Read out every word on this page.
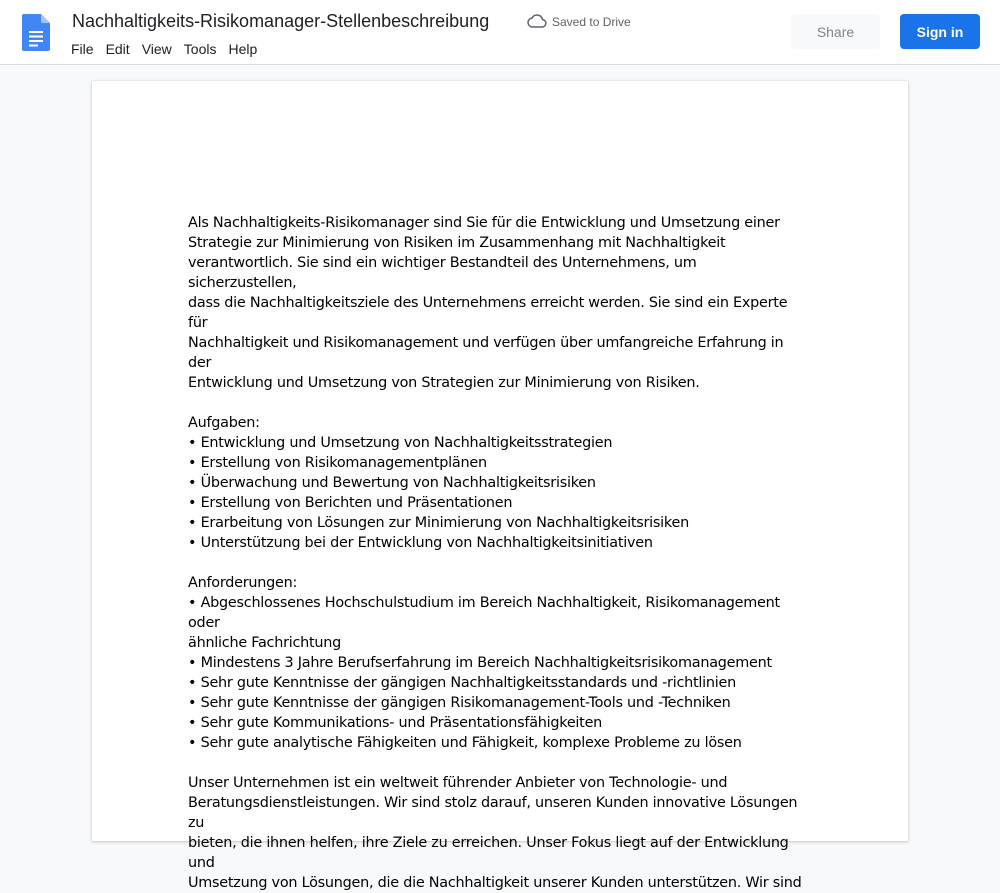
Nachhaltigkeits-Risikomanager-Stellenbeschreibung	Saved to Drive
File Edit View Tools Help
Share	Sign in

Als Nachhaltigkeits-Risikomanager sind Sie für die Entwicklung und Umsetzung einer

Strategie zur Minimierung von Risiken im Zusammenhang mit Nachhaltigkeit

verantwortlich. Sie sind ein wichtiger Bestandteil des Unternehmens, um sicherzustellen,

dass die Nachhaltigkeitsziele des Unternehmens erreicht werden. Sie sind ein Experte für

Nachhaltigkeit und Risikomanagement und verfügen über umfangreiche Erfahrung in der

Entwicklung und Umsetzung von Strategien zur Minimierung von Risiken.

Aufgaben:

• Entwicklung und Umsetzung von Nachhaltigkeitsstrategien

• Erstellung von Risikomanagementplänen

• Überwachung und Bewertung von Nachhaltigkeitsrisiken

• Erstellung von Berichten und Präsentationen

• Erarbeitung von Lösungen zur Minimierung von Nachhaltigkeitsrisiken

• Unterstützung bei der Entwicklung von Nachhaltigkeitsinitiativen

Anforderungen:

• Abgeschlossenes Hochschulstudium im Bereich Nachhaltigkeit, Risikomanagement oder

ähnliche Fachrichtung

• Mindestens 3 Jahre Berufserfahrung im Bereich Nachhaltigkeitsrisikomanagement

• Sehr gute Kenntnisse der gängigen Nachhaltigkeitsstandards und -richtlinien

• Sehr gute Kenntnisse der gängigen Risikomanagement-Tools und -Techniken

• Sehr gute Kommunikations- und Präsentationsfähigkeiten

• Sehr gute analytische Fähigkeiten und Fähigkeit, komplexe Probleme zu lösen

Unser Unternehmen ist ein weltweit führender Anbieter von Technologie- und

Beratungsdienstleistungen. Wir sind stolz darauf, unseren Kunden innovative Lösungen zu

bieten, die ihnen helfen, ihre Ziele zu erreichen. Unser Fokus liegt auf der Entwicklung und

Umsetzung von Lösungen, die die Nachhaltigkeit unserer Kunden unterstützen. Wir sind
